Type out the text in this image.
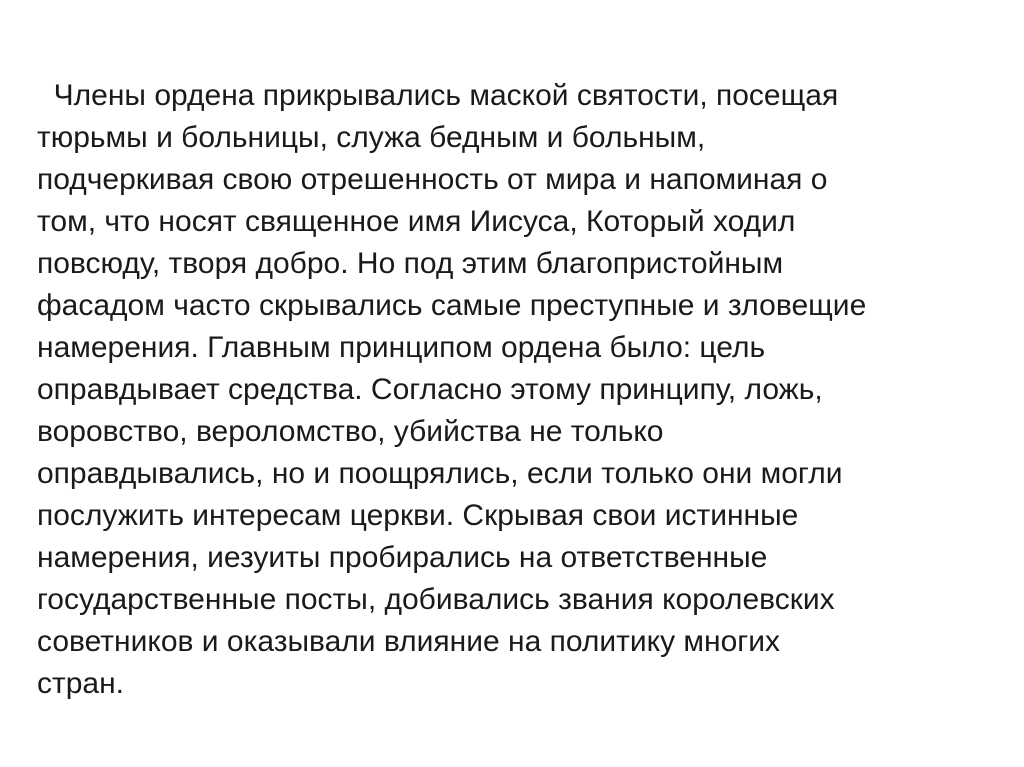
Члены ордена прикрывались маской святости, посещая
тюрьмы и больницы, служа бедным и больным,
подчеркивая свою отрешенность от мира и напоминая о
том, что носят священное имя Иисуса, Который ходил
повсюду, творя добро. Но под этим благопристойным
фасадом часто скрывались самые преступные и зловещие
намерения. Главным принципом ордена было: цель
оправдывает средства. Согласно этому принципу, ложь,
воровство, вероломство, убийства не только
оправдывались, но и поощрялись, если только они могли
послужить интересам церкви. Скрывая свои истинные
намерения, иезуиты пробирались на ответственные
государственные посты, добивались звания королевских
советников и оказывали влияние на политику многих
стран.
